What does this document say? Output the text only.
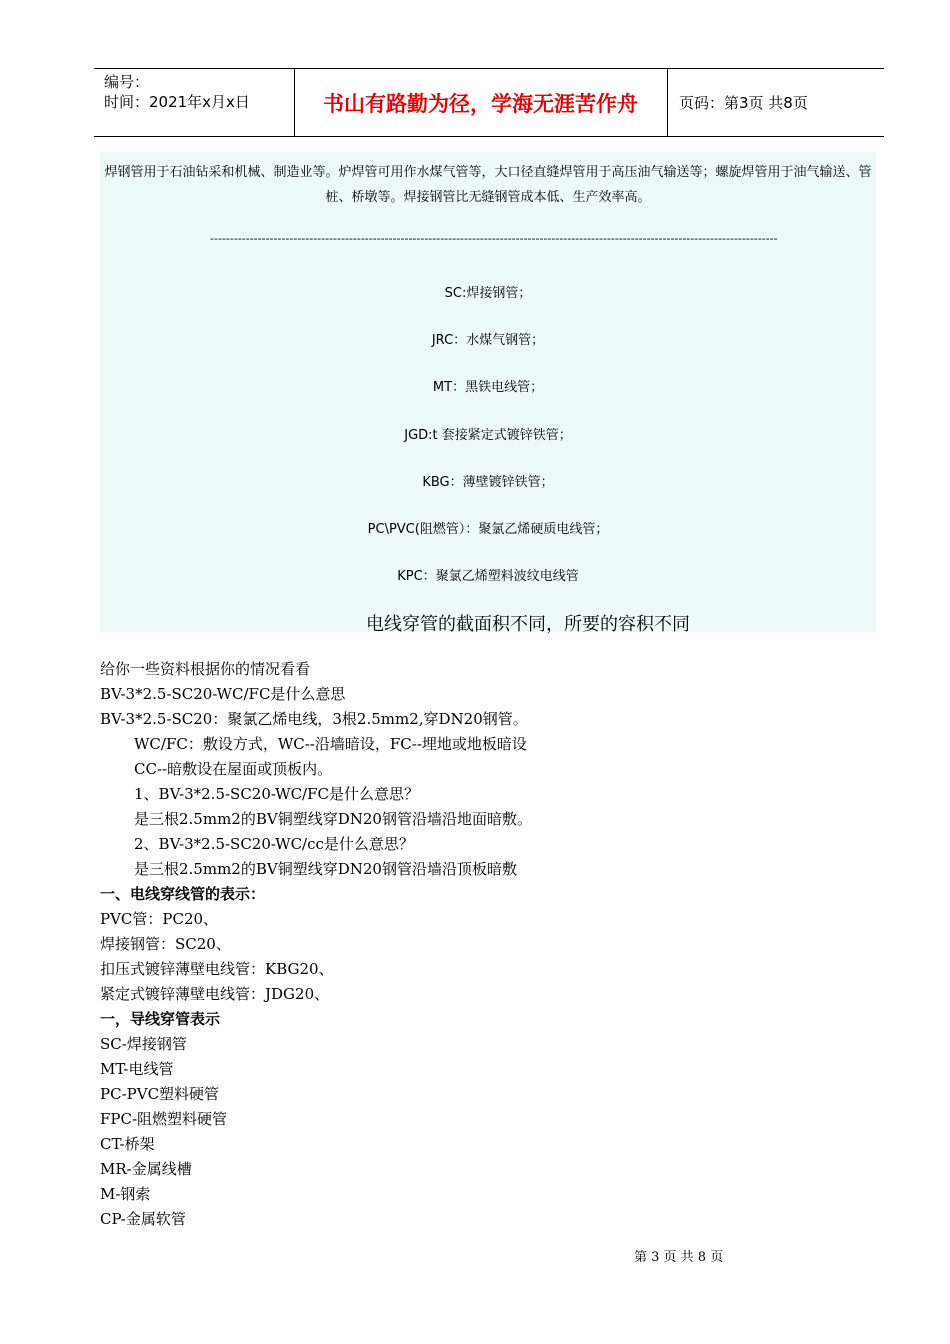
编号：
时间：2021年x月x日	书山有路勤为径，学海无涯苦作舟	页码：第3页 共8页
焊钢管用于石油钻采和机械、制造业等。炉焊管可用作水煤气管等，大口径直缝焊管用于高压油气输送等；螺旋焊管用于油气输送、管桩、桥墩等。焊接钢管比无缝钢管成本低、生产效率高。
-----------------------------------------------------------------------------------------------------------------------------------------------
SC:焊接钢管；
JRC：水煤气钢管；
MT：黑铁电线管；
JGD:t 套接紧定式镀锌铁管；
KBG：薄壁镀锌铁管；
PC\PVC(阻燃管）：聚氯乙烯硬质电线管；
KPC：聚氯乙烯塑料波纹电线管
电线穿管的截面积不同，所要的容积不同
给你一些资料根据你的情况看看
BV-3*2.5-SC20-WC/FC是什么意思
BV-3*2.5-SC20：聚氯乙烯电线，3根2.5mm2,穿DN20钢管。
WC/FC：敷设方式，WC--沿墙暗设，FC--埋地或地板暗设
CC--暗敷设在屋面或顶板内。
1、BV-3*2.5-SC20-WC/FC是什么意思？
是三根2.5mm2的BV铜塑线穿DN20钢管沿墙沿地面暗敷。
2、BV-3*2.5-SC20-WC/cc是什么意思？
是三根2.5mm2的BV铜塑线穿DN20钢管沿墙沿顶板暗敷
一、电线穿线管的表示：
PVC管：PC20、
焊接钢管：SC20、
扣压式镀锌薄壁电线管：KBG20、
紧定式镀锌薄壁电线管：JDG20、
一，导线穿管表示
SC-焊接钢管
MT-电线管
PC-PVC塑料硬管
FPC-阻燃塑料硬管
CT-桥架
MR-金属线槽
M-钢索
CP-金属软管
第 3 页 共 8 页
